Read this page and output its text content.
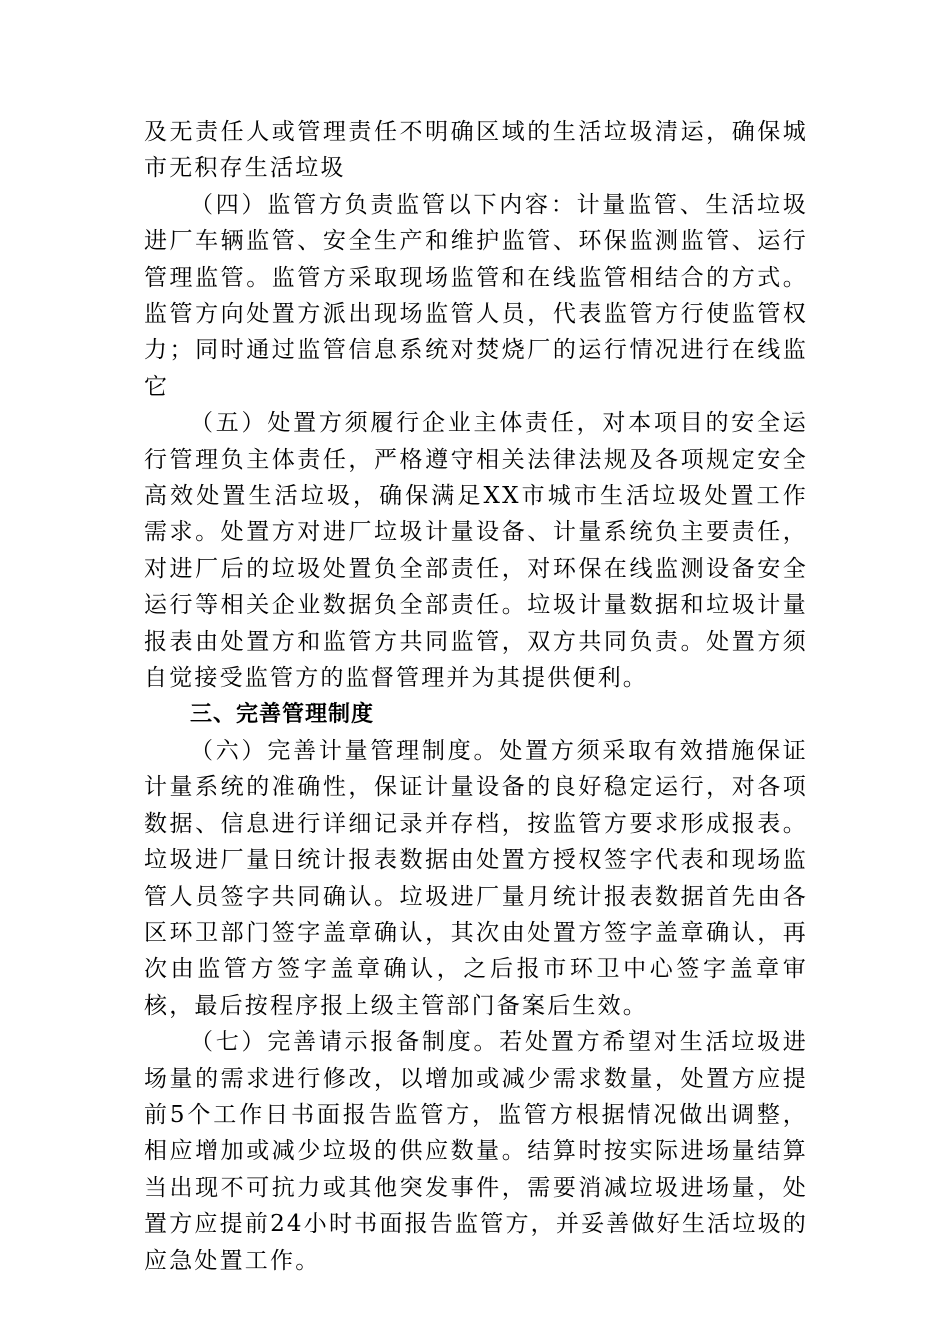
及无责任人或管理责任不明确区域的生活垃圾清运，确保城市无积存生活垃圾

（四）监管方负责监管以下内容：计量监管、生活垃圾进厂车辆监管、安全生产和维护监管、环保监测监管、运行管理监管。监管方采取现场监管和在线监管相结合的方式。监管方向处置方派出现场监管人员，代表监管方行使监管权力；同时通过监管信息系统对焚烧厂的运行情况进行在线监它

（五）处置方须履行企业主体责任，对本项目的安全运行管理负主体责任，严格遵守相关法律法规及各项规定安全高效处置生活垃圾，确保满足XX市城市生活垃圾处置工作需求。处置方对进厂垃圾计量设备、计量系统负主要责任，对进厂后的垃圾处置负全部责任，对环保在线监测设备安全运行等相关企业数据负全部责任。垃圾计量数据和垃圾计量报表由处置方和监管方共同监管，双方共同负责。处置方须自觉接受监管方的监督管理并为其提供便利。

三、完善管理制度

（六）完善计量管理制度。处置方须采取有效措施保证计量系统的准确性，保证计量设备的良好稳定运行，对各项数据、信息进行详细记录并存档，按监管方要求形成报表。垃圾进厂量日统计报表数据由处置方授权签字代表和现场监管人员签字共同确认。垃圾进厂量月统计报表数据首先由各区环卫部门签字盖章确认，其次由处置方签字盖章确认，再次由监管方签字盖章确认，之后报市环卫中心签字盖章审核，最后按程序报上级主管部门备案后生效。

（七）完善请示报备制度。若处置方希望对生活垃圾进场量的需求进行修改，以增加或减少需求数量，处置方应提前5个工作日书面报告监管方，监管方根据情况做出调整，相应增加或减少垃圾的供应数量。结算时按实际进场量结算当出现不可抗力或其他突发事件，需要消减垃圾进场量，处置方应提前24小时书面报告监管方，并妥善做好生活垃圾的应急处置工作。
